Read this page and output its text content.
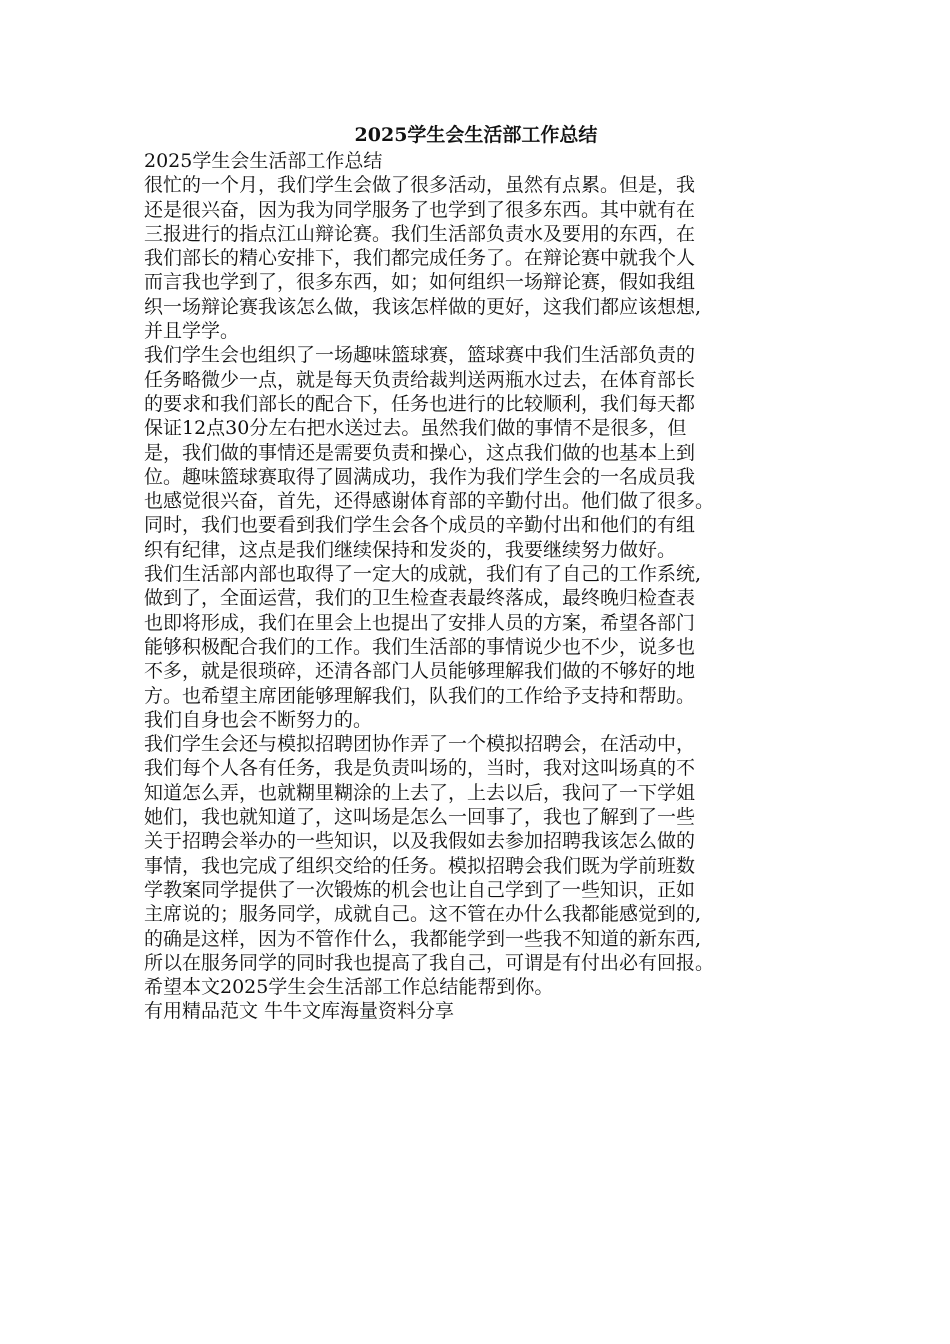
2025学生会生活部工作总结
2025学生会生活部工作总结
很忙的一个月，我们学生会做了很多活动，虽然有点累。但是，我
还是很兴奋，因为我为同学服务了也学到了很多东西。其中就有在
三报进行的指点江山辩论赛。我们生活部负责水及要用的东西，在
我们部长的精心安排下，我们都完成任务了。在辩论赛中就我个人
而言我也学到了，很多东西，如；如何组织一场辩论赛，假如我组
织一场辩论赛我该怎么做，我该怎样做的更好，这我们都应该想想,
并且学学。
我们学生会也组织了一场趣味篮球赛，篮球赛中我们生活部负责的
任务略微少一点，就是每天负责给裁判送两瓶水过去，在体育部长
的要求和我们部长的配合下，任务也进行的比较顺利，我们每天都
保证12点30分左右把水送过去。虽然我们做的事情不是很多，但
是，我们做的事情还是需要负责和操心，这点我们做的也基本上到
位。趣味篮球赛取得了圆满成功，我作为我们学生会的一名成员我
也感觉很兴奋，首先，还得感谢体育部的辛勤付出。他们做了很多。
同时，我们也要看到我们学生会各个成员的辛勤付出和他们的有组
织有纪律，这点是我们继续保持和发炎的，我要继续努力做好。
我们生活部内部也取得了一定大的成就，我们有了自己的工作系统,
做到了，全面运营，我们的卫生检查表最终落成，最终晚归检查表
也即将形成，我们在里会上也提出了安排人员的方案，希望各部门
能够积极配合我们的工作。我们生活部的事情说少也不少，说多也
不多，就是很琐碎，还清各部门人员能够理解我们做的不够好的地
方。也希望主席团能够理解我们，队我们的工作给予支持和帮助。
我们自身也会不断努力的。
我们学生会还与模拟招聘团协作弄了一个模拟招聘会，在活动中，
我们每个人各有任务，我是负责叫场的，当时，我对这叫场真的不
知道怎么弄，也就糊里糊涂的上去了，上去以后，我问了一下学姐
她们，我也就知道了，这叫场是怎么一回事了，我也了解到了一些
关于招聘会举办的一些知识，以及我假如去参加招聘我该怎么做的
事情，我也完成了组织交给的任务。模拟招聘会我们既为学前班数
学教案同学提供了一次锻炼的机会也让自己学到了一些知识，正如
主席说的；服务同学，成就自己。这不管在办什么我都能感觉到的,
的确是这样，因为不管作什么，我都能学到一些我不知道的新东西,
所以在服务同学的同时我也提高了我自己，可谓是有付出必有回报。
希望本文2025学生会生活部工作总结能帮到你。
有用精品范文 牛牛文库海量资料分享
